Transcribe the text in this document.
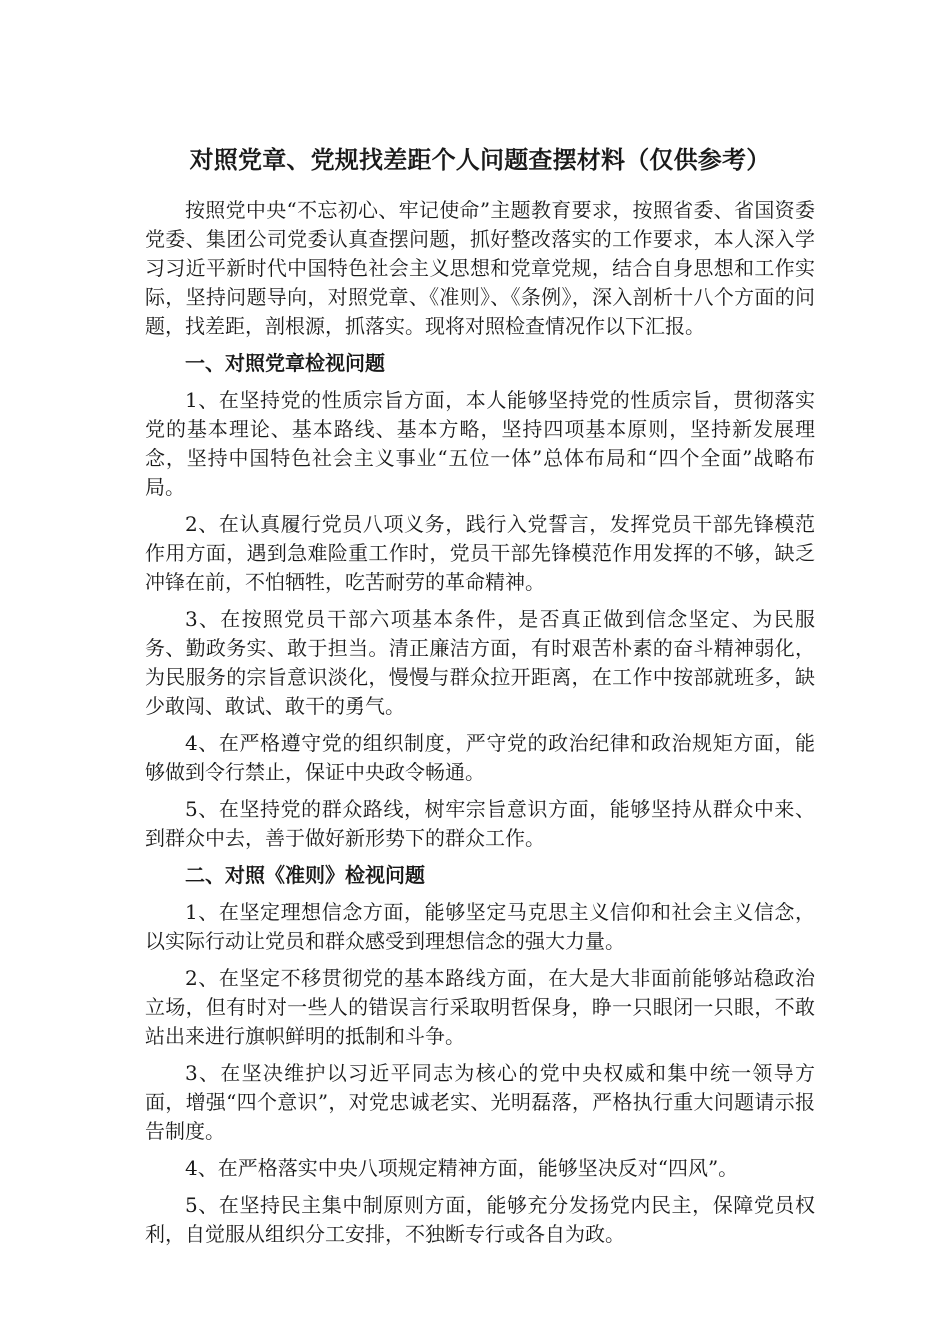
对照党章、党规找差距个人问题查摆材料（仅供参考）

按照党中央“不忘初心、牢记使命”主题教育要求，按照省委、省国资委党委、集团公司党委认真查摆问题，抓好整改落实的工作要求，本人深入学习习近平新时代中国特色社会主义思想和党章党规，结合自身思想和工作实际，坚持问题导向，对照党章、《准则》、《条例》，深入剖析十八个方面的问题，找差距，剖根源，抓落实。现将对照检查情况作以下汇报。

一、对照党章检视问题

1、在坚持党的性质宗旨方面，本人能够坚持党的性质宗旨，贯彻落实党的基本理论、基本路线、基本方略，坚持四项基本原则，坚持新发展理念，坚持中国特色社会主义事业“五位一体”总体布局和“四个全面”战略布局。

2、在认真履行党员八项义务，践行入党誓言，发挥党员干部先锋模范作用方面，遇到急难险重工作时，党员干部先锋模范作用发挥的不够，缺乏冲锋在前，不怕牺牲，吃苦耐劳的革命精神。

3、在按照党员干部六项基本条件，是否真正做到信念坚定、为民服务、勤政务实、敢于担当。清正廉洁方面，有时艰苦朴素的奋斗精神弱化，为民服务的宗旨意识淡化，慢慢与群众拉开距离，在工作中按部就班多，缺少敢闯、敢试、敢干的勇气。

4、在严格遵守党的组织制度，严守党的政治纪律和政治规矩方面，能够做到令行禁止，保证中央政令畅通。

5、在坚持党的群众路线，树牢宗旨意识方面，能够坚持从群众中来、到群众中去，善于做好新形势下的群众工作。

二、对照《准则》检视问题

1、在坚定理想信念方面，能够坚定马克思主义信仰和社会主义信念，以实际行动让党员和群众感受到理想信念的强大力量。

2、在坚定不移贯彻党的基本路线方面，在大是大非面前能够站稳政治立场，但有时对一些人的错误言行采取明哲保身，睁一只眼闭一只眼，不敢站出来进行旗帜鲜明的抵制和斗争。

3、在坚决维护以习近平同志为核心的党中央权威和集中统一领导方面，增强“四个意识”，对党忠诚老实、光明磊落，严格执行重大问题请示报告制度。

4、在严格落实中央八项规定精神方面，能够坚决反对“四风”。

5、在坚持民主集中制原则方面，能够充分发扬党内民主，保障党员权利，自觉服从组织分工安排，不独断专行或各自为政。
